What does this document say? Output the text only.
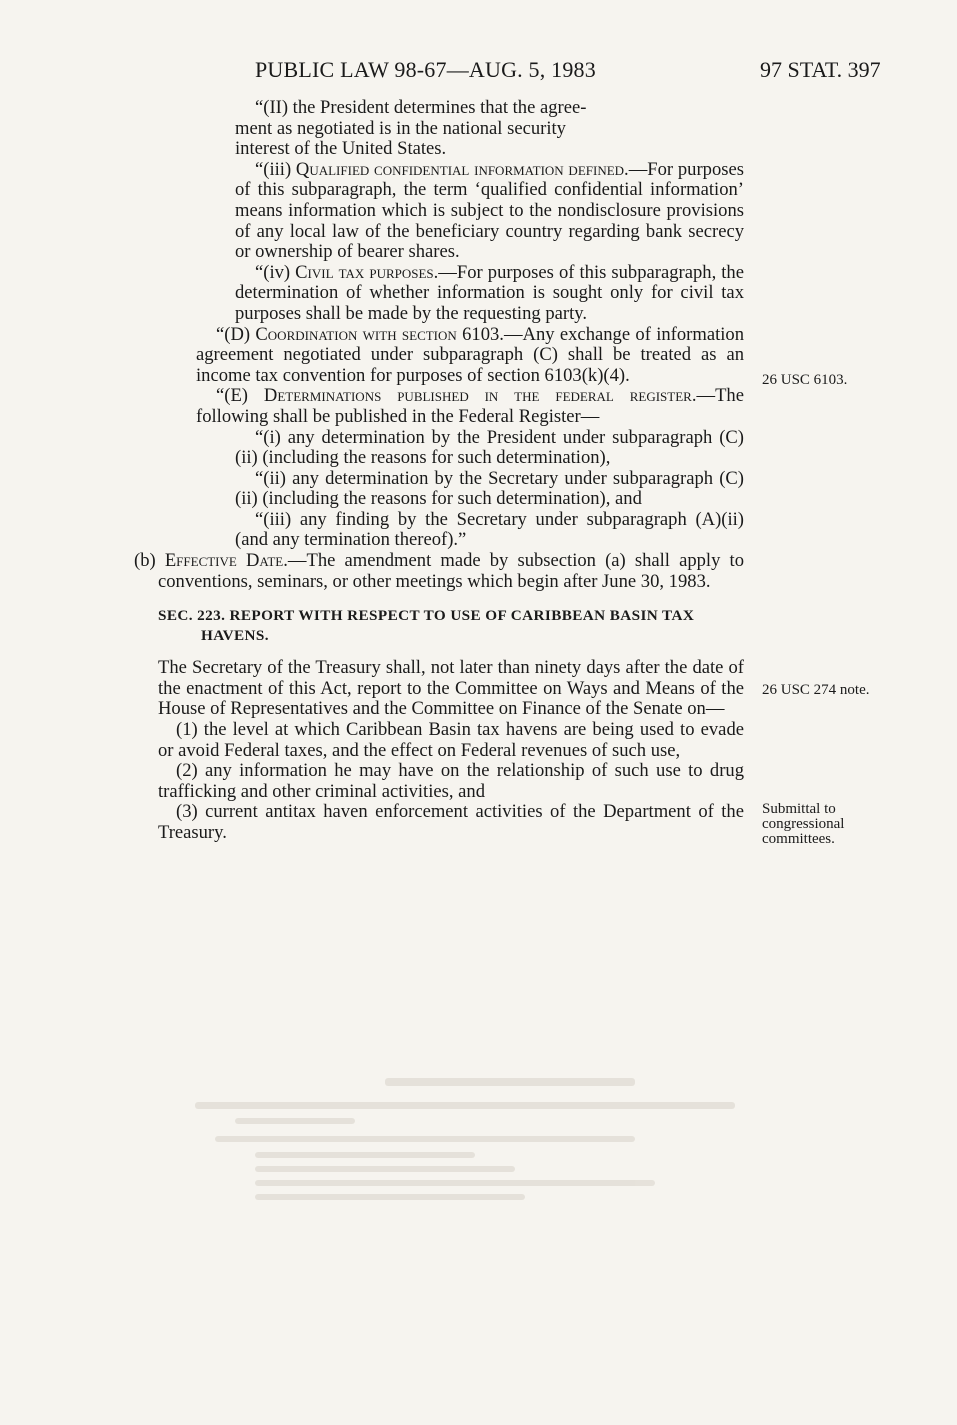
PUBLIC LAW 98-67—AUG. 5, 1983	97 STAT. 397

“(II) the President determines that the agree-

ment as negotiated is in the national security

interest of the United States.

“(iii) Qualified confidential information defined.—For purposes of this subparagraph, the term ‘qualified confidential information’ means information which is subject to the nondisclosure provisions of any local law of the beneficiary country regarding bank secrecy or ownership of bearer shares.

“(iv) Civil tax purposes.—For purposes of this subparagraph, the determination of whether information is sought only for civil tax purposes shall be made by the requesting party.

“(D) Coordination with section 6103.—Any exchange of information agreement negotiated under subparagraph (C) shall be treated as an income tax convention for purposes of section 6103(k)(4).

“(E) Determinations published in the federal register.—The following shall be published in the Federal Register—

“(i) any determination by the President under subparagraph (C)(ii) (including the reasons for such determination),

“(ii) any determination by the Secretary under subparagraph (C)(ii) (including the reasons for such determination), and

“(iii) any finding by the Secretary under subparagraph (A)(ii) (and any termination thereof).”

(b) Effective Date.—The amendment made by subsection (a) shall apply to conventions, seminars, or other meetings which begin after June 30, 1983.

SEC. 223. REPORT WITH RESPECT TO USE OF CARIBBEAN BASIN TAX
HAVENS.

The Secretary of the Treasury shall, not later than ninety days after the date of the enactment of this Act, report to the Committee on Ways and Means of the House of Representatives and the Committee on Finance of the Senate on—

(1) the level at which Caribbean Basin tax havens are being used to evade or avoid Federal taxes, and the effect on Federal revenues of such use,

(2) any information he may have on the relationship of such use to drug trafficking and other criminal activities, and

(3) current antitax haven enforcement activities of the Department of the Treasury.

26 USC 6103.
26 USC 274 note.
Submittal to
congressional
committees.
